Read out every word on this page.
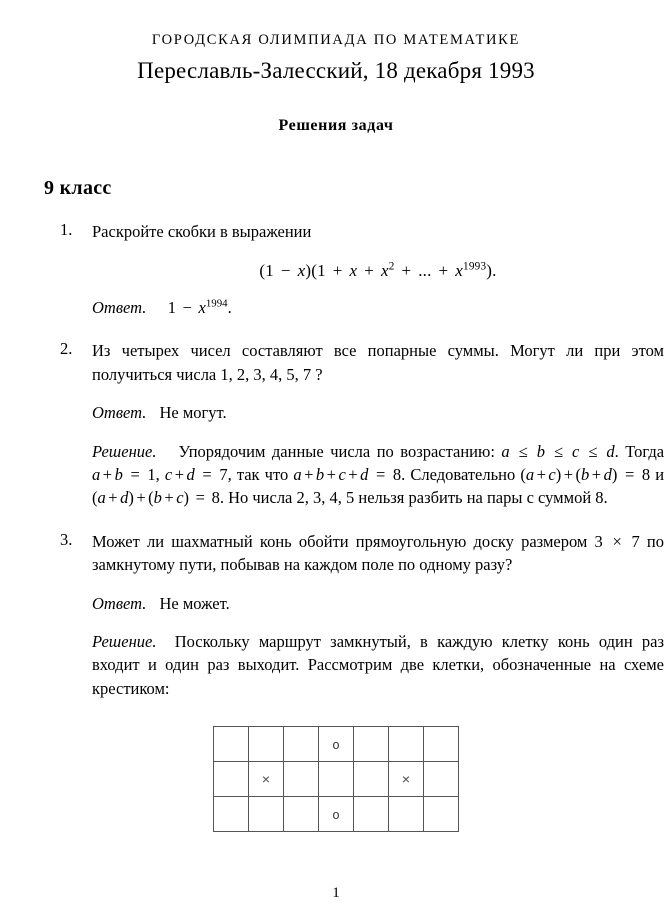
ГОРОДСКАЯ ОЛИМПИАДА ПО МАТЕМАТИКЕ
Переславль-Залесский, 18 декабря 1993
Решения задач
9 класс
1. Раскройте скобки в выражении

$(1 - x)(1 + x + x^2$ + ... + $x^{1993}$).

Ответ.   $1 - x^{1994}$.

2. Из четырех чисел составляют все попарные суммы. Могут ли при этом получиться числа 1, 2, 3, 4, 5, 7 ?

Ответ. Не могут.

Решение.  Упорядочим данные числа по возрастанию: a ≤ b ≤ c ≤ d. Тогда a + b = 1, c + d = 7, так что a + b + c + d = 8. Следовательно (a + c) + (b + d) = 8 и (a + d) + (b + c) = 8. Но числа 2, 3, 4, 5 нельзя разбить на пары с суммой 8.

3. Может ли шахматный конь обойти прямоугольную доску размером 3 × 7 по замкнутому пути, побывав на каждом поле по одному разу?

Ответ. Не может.

Решение. Поскольку маршрут замкнутый, в каждую клетку конь один раз входит и один раз выходит. Рассмотрим две клетки, обозначенные на схеме крестиком:

			o			
	×				×	
			o			
1
